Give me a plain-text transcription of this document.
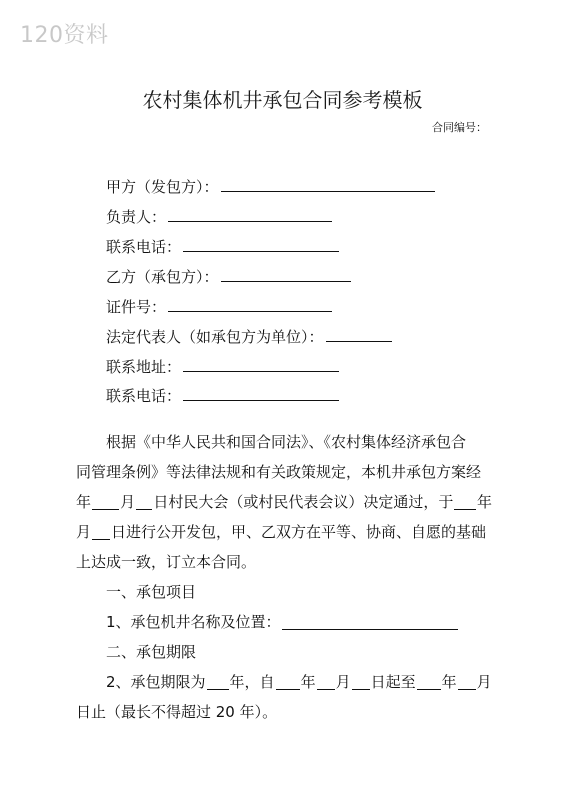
120资料
农村集体机井承包合同参考模板
合同编号：
甲方（发包方）：
负责人：
联系电话：
乙方（承包方）：
证件号：
法定代表人（如承包方为单位）：
联系地址：
联系电话：
根据《中华人民共和国合同法》、《农村集体经济承包合
同管理条例》等法律法规和有关政策规定，本机井承包方案经
年 月 日村民大会（或村民代表会议）决定通过，于 年
月 日进行公开发包，甲、乙双方在平等、协商、自愿的基础
上达成一致，订立本合同。
一、承包项目
1、承包机井名称及位置：
二、承包期限
2、承包期限为 年，自 年 月 日起至 年 月
日止（最长不得超过 20 年）。
